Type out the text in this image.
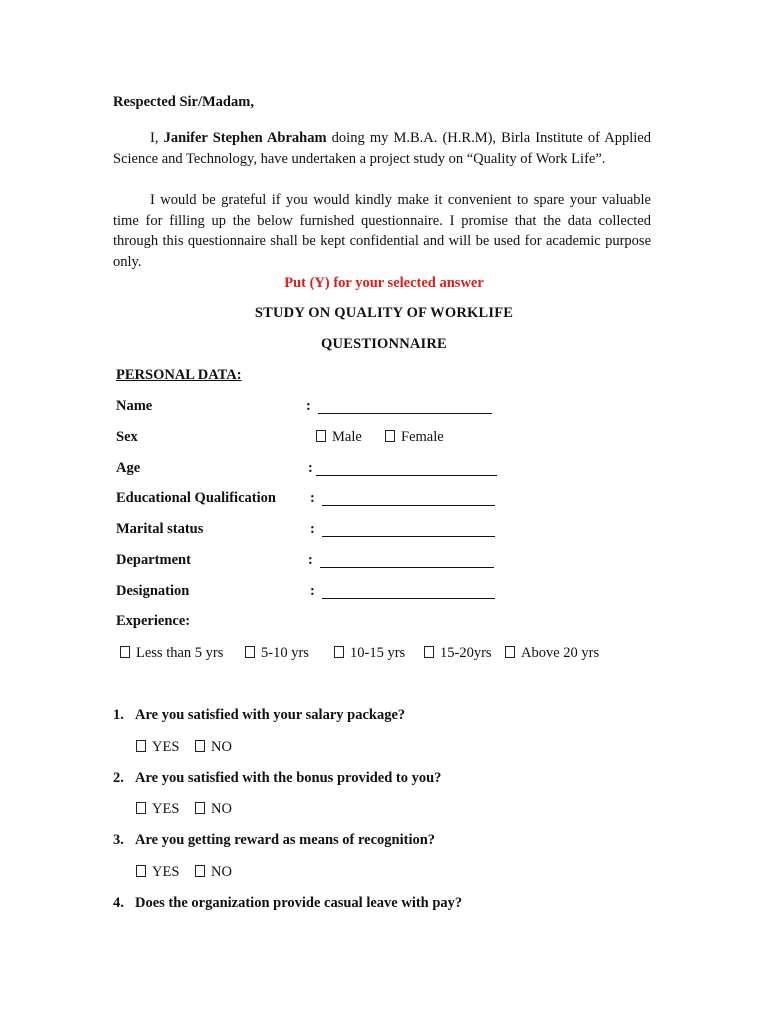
Respected Sir/Madam,

I, Janifer Stephen Abraham doing my M.B.A. (H.R.M), Birla Institute of Applied Science and Technology, have undertaken a project study on “Quality of Work Life”.

I would be grateful if you would kindly make it convenient to spare your valuable time for filling up the below furnished questionnaire. I promise that the data collected through this questionnaire shall be kept confidential and will be used for academic purpose only.

Put (Y) for your selected answer
STUDY ON QUALITY OF WORKLIFE
QUESTIONNAIRE
PERSONAL DATA:
Name	:
Sex	Male	Female
Age	:
Educational Qualification :
Marital status	:
Department	:
Designation	:
Experience:
Less than 5 yrs	5-10 yrs	10-15 yrs	15-20yrs	Above 20 yrs
1. Are you satisfied with your salary package?
YES	NO
2. Are you satisfied with the bonus provided to you?
YES	NO
3. Are you getting reward as means of recognition?
YES	NO
4. Does the organization provide casual leave with pay?
